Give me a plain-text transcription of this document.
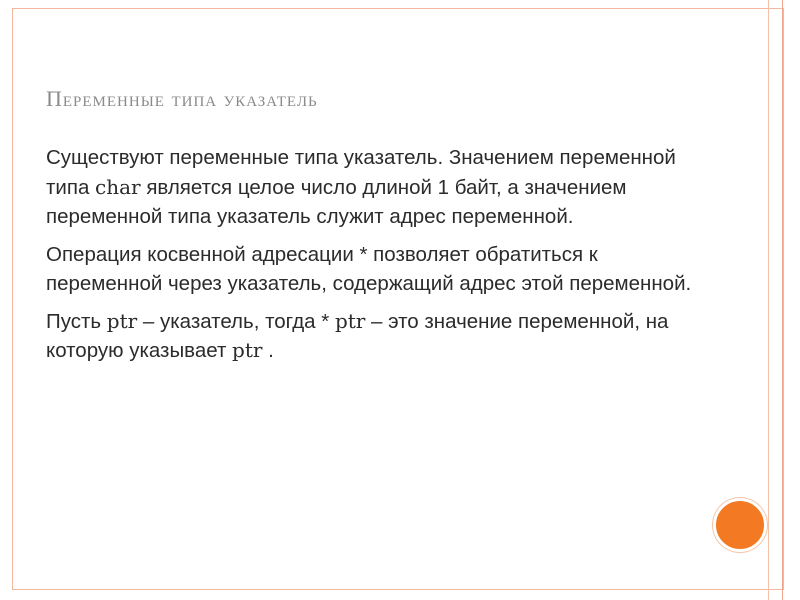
Переменные типа указатель

Существуют переменные типа указатель. Значением переменной типа char является целое число длиной 1 байт, а значением переменной типа указатель служит адрес переменной.

Операция косвенной адресации * позволяет обратиться к переменной через указатель, содержащий адрес этой переменной.

Пусть ptr – указатель, тогда * ptr – это значение переменной, на которую указывает ptr .
